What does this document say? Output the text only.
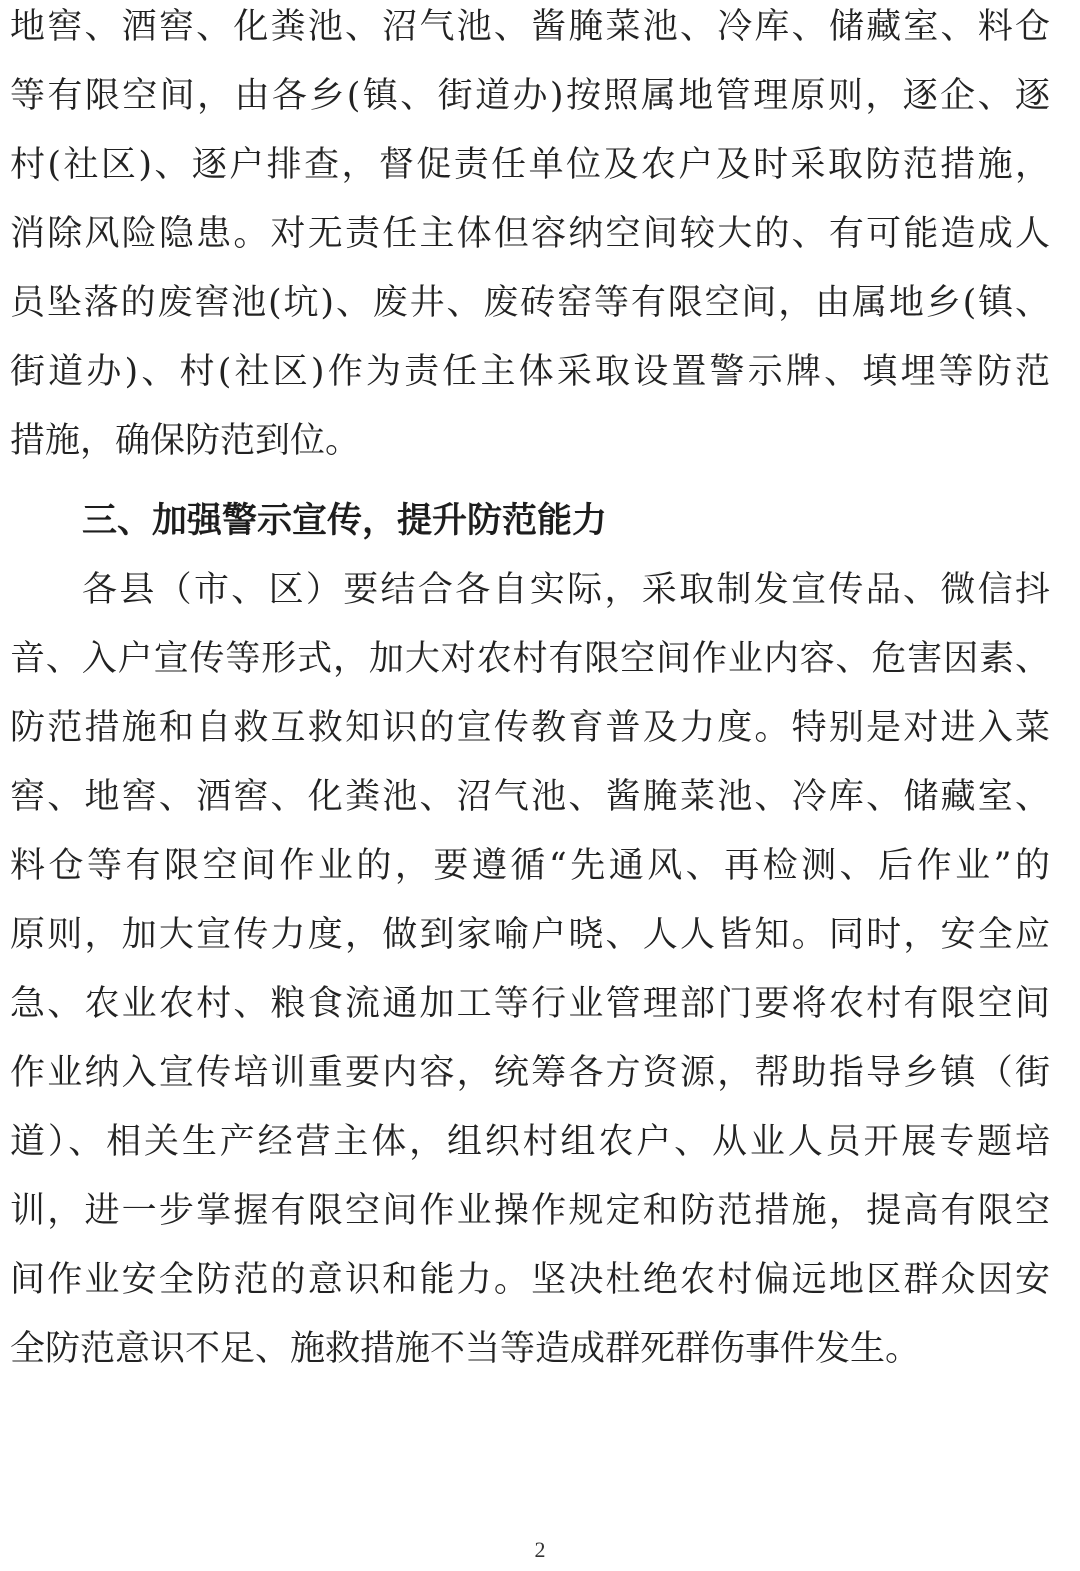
地窖、酒窖、化粪池、沼气池、酱腌菜池、冷库、储藏室、料仓
等有限空间，由各乡(镇、街道办)按照属地管理原则，逐企、逐
村(社区)、逐户排查，督促责任单位及农户及时采取防范措施，
消除风险隐患。对无责任主体但容纳空间较大的、有可能造成人
员坠落的废窖池(坑)、废井、废砖窑等有限空间，由属地乡(镇、
街道办)、村(社区)作为责任主体采取设置警示牌、填埋等防范
措施，确保防范到位。
三、加强警示宣传，提升防范能力
各县（市、区）要结合各自实际，采取制发宣传品、微信抖
音、入户宣传等形式，加大对农村有限空间作业内容、危害因素、
防范措施和自救互救知识的宣传教育普及力度。特别是对进入菜
窖、地窖、酒窖、化粪池、沼气池、酱腌菜池、冷库、储藏室、
料仓等有限空间作业的，要遵循“先通风、再检测、后作业”的
原则，加大宣传力度，做到家喻户晓、人人皆知。同时，安全应
急、农业农村、粮食流通加工等行业管理部门要将农村有限空间
作业纳入宣传培训重要内容，统筹各方资源，帮助指导乡镇（街
道）、相关生产经营主体，组织村组农户、从业人员开展专题培
训，进一步掌握有限空间作业操作规定和防范措施，提高有限空
间作业安全防范的意识和能力。坚决杜绝农村偏远地区群众因安
全防范意识不足、施救措施不当等造成群死群伤事件发生。
2
